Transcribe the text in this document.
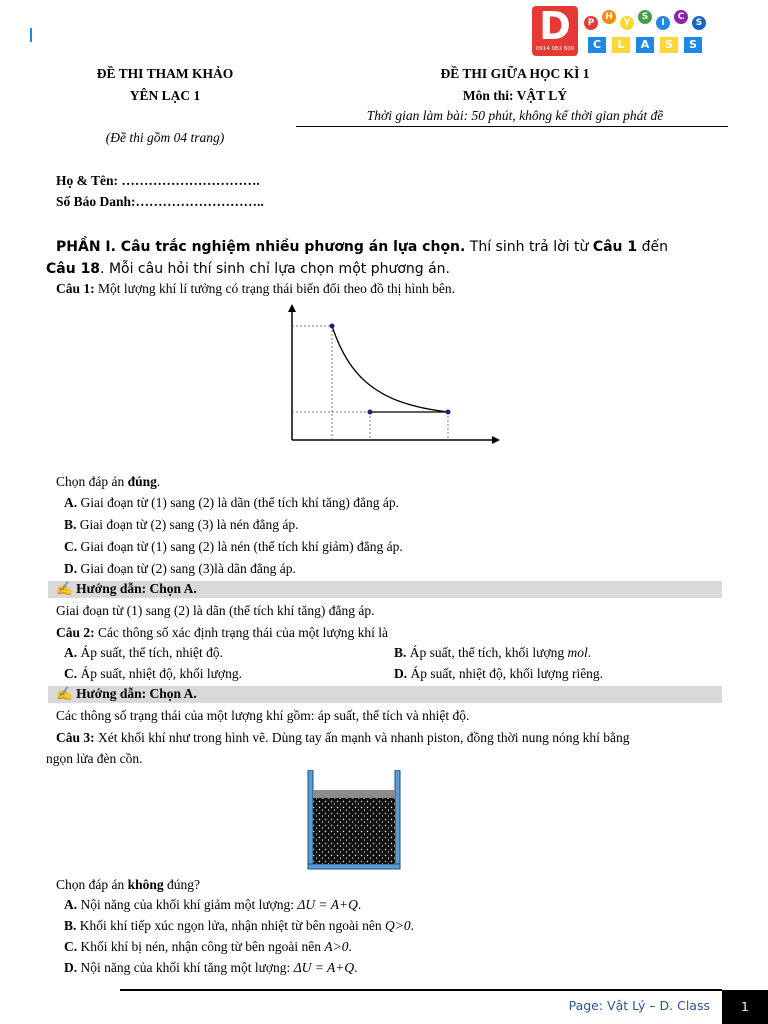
D
0914 082 600
P
H
Y
S
I
C
S
C	L	A	S	S
ĐỀ THI THAM KHẢO
YÊN LẠC 1
(Đề thi gồm 04 trang)
ĐỀ THI GIỮA HỌC KÌ 1
Môn thi: VẬT LÝ
Thời gian làm bài: 50 phút, không kể thời gian phát đề
Họ & Tên: ………………………….
Số Báo Danh:………………………..
PHẦN I. Câu trắc nghiệm nhiều phương án lựa chọn. Thí sinh trả lời từ Câu 1 đến
Câu 18. Mỗi câu hỏi thí sinh chỉ lựa chọn một phương án.
Câu 1: Một lượng khí lí tưởng có trạng thái biến đổi theo đồ thị hình bên.
Chọn đáp án đúng.
A. Giai đoạn từ (1) sang (2) là dãn (thể tích khí tăng) đẳng áp.
B. Giai đoạn từ (2) sang (3) là nén đẳng áp.
C. Giai đoạn từ (1) sang (2) là nén (thể tích khí giảm) đẳng áp.
D. Giai đoạn từ (2) sang (3)là dãn đẳng áp.
✍ Hướng dẫn: Chọn A.
Giai đoạn từ (1) sang (2) là dãn (thể tích khí tăng) đẳng áp.
Câu 2: Các thông số xác định trạng thái của một lượng khí là
A. Áp suất, thể tích, nhiệt độ.	B. Áp suất, thể tích, khối lượng mol.
C. Áp suất, nhiệt độ, khối lượng.	D. Áp suất, nhiệt độ, khối lượng riêng.
✍ Hướng dẫn: Chọn A.
Các thông số trạng thái của một lượng khí gồm: áp suất, thể tích và nhiệt độ.
Câu 3: Xét khối khí như trong hình vẽ. Dùng tay ấn mạnh và nhanh piston, đồng thời nung nóng khí bằng
ngọn lửa đèn cồn.
Chọn đáp án không đúng?
A. Nội năng của khối khí giảm một lượng: ΔU = A+Q.
B. Khối khí tiếp xúc ngọn lửa, nhận nhiệt từ bên ngoài nên Q>0.
C. Khối khí bị nén, nhận công từ bên ngoài nên A>0.
D. Nội năng của khối khí tăng một lượng: ΔU = A+Q.
Page: Vật Lý – D. Class	1
